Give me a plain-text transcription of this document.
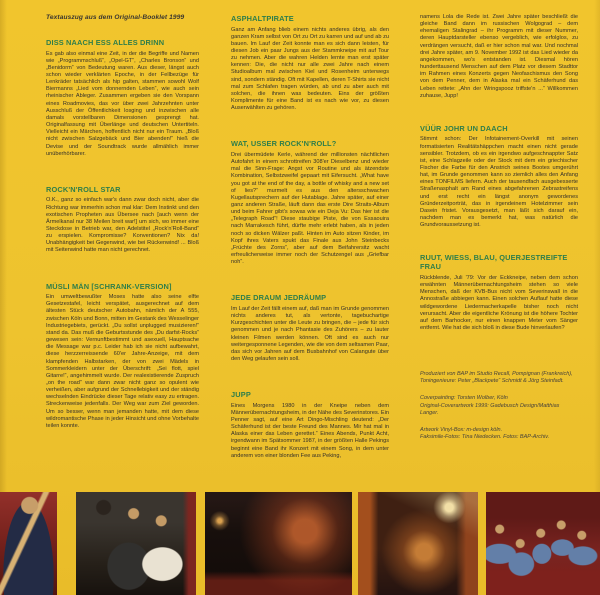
Textauszug aus dem Original-Booklet 1999

DISS NAACH ESS ALLES DRINN

Es gab also einmal eine Zeit, in der die Begriffe und Namen wie „Programmschluß“, „Opel-GT“, „Charles Bronson“ und „Benidorm“ von Bedeutung waren. Aus dieser, längst auch schon wieder verklärten Epoche, in der Fellbezüge für Lenkräder tatsächlich als hip galten, stammen sowohl Wolf Biermanns „Lied vom donnernden Leben“, wie auch sein rheinischer Ableger. Zusammen ergeben sie den Vorspann eines Roadmovies, das vor über zwei Jahrzehnten unter Ausschluß der Öffentlichkeit losging und inzwischen alle damals vorstellbaren Dimensionen gesprengt hat. Originalfassung mit Überlänge und deutschen Untertiteln. Vielleicht ein Märchen, hoffentlich nicht nur ein Traum. „Bloß nicht zwischen Salzgebäck und Bier abenden!“ hieß die Devise und der Soundtrack wurde allmählich immer unüberhörbarer.

ROCK'N'ROLL STAR

O.K., ganz so einfach war's dann zwar doch nicht, aber die Richtung war immerhin schon mal klar: Dem Instinkt und den exotischen Propheten aus Übersee nach [auch wenn der Ärmelkanal nur 38 Meilen breit war!] um sich, wo immer eine Steckdose in Betrieb war, den Adelstitel „Rock'n'Roll-Band“ zu erspielen. Kompromisse? Konventionen? Nix da! Unabhängigkeit bei Gegenwind, wie bei Rückenwind! ... Bloß mit Seitenwind hatte man nicht gerechnet.

MÜSLI MÄN [SCHRANK-VERSION]

Ein umweltbewußter Moses hatte also seine elfte Gesetzestafel, leicht verspätet, ausgerechnet auf dem ältesten Stück deutscher Autobahn, nämlich der A 555, zwischen Köln und Bonn, mitten im Gestank des Wesselinger Industriegebiets, gerückt. „Du sollst unplugged musizieren!“ stand da. Das muß die Geburtsstunde des „Du darfst-Rocks“ gewesen sein: Vernunftbestimmt und asexuell, Hauptsache die Message war p.c. Leider hab ich sie nicht aufbewahrt, diese herzzerreissende 60'er Jahre-Anzeige, mit dem klampfenden Halbstarken, der von zwei Mädels in Sommerkleidern unter der Überschrift: „Sei flott, spiel Gitarre!“, angehimmelt wurde. Der realexistierende Zuspruch „on the road“ war dann zwar nicht ganz so opulent wie verheißen, aber aufgrund der Schnellebigkeit und der ständig wechselnden Eindrücke dieser Tage relativ easy zu ertragen. Streckenweise jedenfalls. Der Weg war zum Ziel geworden. Um so besser, wenn man jemanden hatte, mit dem diese wildromantische Phase in jeder Hinsicht und ohne Vorbehalte teilen konnte.

ASPHALTPIRATE

Ganz am Anfang blieb einem nichts anderes übrig, als den ganzen Kram selbst von Ort zu Ort zu karren und auf und ab zu bauen. Im Lauf der Zeit konnte man es sich dann leisten, für diesen Job ein paar Jungs aus der Stammkneipe mit auf Tour zu nehmen. Aber die wahren Helden lernte man erst später kennen: Die, die nicht nur alle zwei Jahre nach einem Studioalbum mal zwischen Kiel und Rosenheim unterwegs sind, sondern ständig. Oft mit Kapellen, deren T-Shirts sie nicht mal zum Schlafen tragen würden, ab und zu aber auch mit solchen, die ihnen was bedeuten. Eins der größten Komplimente für eine Band ist es nach wie vor, zu diesen Auserwählten zu gehören.

WAT, USSER ROCK'N'ROLL?

Drei übermüdete Kerle, während der millionsten nächtlichen Autofahrt in einem schrottreifen 308'er Dieselbenz und wieder mal die Sinn-Frage: Angst vor Routine und als ätzendste Kombination, Selbstzweifel gepaart mit Eifersucht. „What have you got at the end of the day, a bottle of whisky and a new set of lies?“ murmelt es aus den altersschwachen Kugellautsprechern auf der Hutablage. Jahre später, auf einer ganz anderen Straße, läuft dann das erste Dire Straits-Album und beim Fahrer gibt's sowas wie ein Deja Vu: Das hier ist die „Telegraph Road“! Diese staubige Piste, die von Essaouira nach Marrakesch führt, dürfte mehr erlebt haben, als in jeden noch so dicken Wälzer paßt. Hinten im Auto sitzen Kinder, im Kopf ihres Vaters spukt das Finale aus John Steinbecks „Früchte des Zorns“, aber auf dem Beifahrersitz wacht erfreulicherweise immer noch der Schutzengel aus „Griefbar noh“.

JEDE DRAUM JEDRÄUMP

Im Lauf der Zeit fällt einem auf, daß man im Grunde genommen nichts anderes tut, als vertonte, tagebuchartige Kurzgeschichten unter die Leute zu bringen, die – jede für sich genommen und je nach Phantasie des Zuhörers – zu lauter kleinen Filmen werden können. Oft sind es auch nur weitergesponnene Legenden, wie die von dem seltsamen Paar, das sich vor Jahren auf dem Busbahnhof von Calangute über den Weg gelaufen sein soll.

JUPP

Eines Morgens 1980 in der Kneipe neben dem Männerübernachtungsheim, in der Nähe des Severinstores. Ein Penner sagt, auf eine Art Dingo-Mischling deutend: „Der Schäferhund ist der beste Freund des Mannes. Mir hat mal in Alaska einer das Leben gerettet.“ Eines Abends, Punkt Acht, irgendwann im Spätsommer 1987, in der größten Halle Pekings beginnt eine Band ihr Konzert mit einem Song, in dem unter anderem von einer blonden Fee aus Peking,

namens Lola die Rede ist. Zwei Jahre später beschließt die gleiche Band dann im russischen Wolgograd – dem ehemaligen Stalingrad – ihr Programm mit dieser Nummer, deren Hauptdarsteller ebenso vergeblich, wie erfolglos, zu verdrängen versucht, daß er hier schon mal war. Und nochmal drei Jahre später, am 9. November 1992 ist das Lied wieder da angekommen, wo's entstanden ist. Diesmal hören hunderttausend Menschen auf dem Platz vor diesem Stadttor im Rahmen eines Konzerts gegen Neofaschismus den Song von dem Penner, dem in Alaska mal ein Schäferhund das Leben rettete: „Ahn der Wringspooz triffste'n ...“ Willkommen zuhause, Jupp!

VÜÜR JOHR UN DAACH

Stimmt schon: Der Infotainement-Overkill mit seinen formatisierten Realitätshäppchen macht einen nicht gerade sensibler. Trotzdem, ob es ein irgendwo aufgeschnappter Satz ist, eine Schlagzeile oder der Stock mit dem ein griechischer Fischer die Farbe für den Anstrich seines Bootes umgerührt hat, im Grunde genommen kann so ziemlich alles den Anfang eines TONFILMS liefern. Auch der tausendfach ausgebesserte Straßenasphalt am Rand eines abgefahrenen Zebrastreifens und erst recht ein längst anonym gewordenes Gründerzeitporträt, das in irgendeinem Hotelzimmer sein Dasein fristet. Vorausgesetzt, man läßt sich darauf ein, nachdem man es bemerkt hat, was natürlich die Grundvoraussetzung ist.

RUUT, WIESS, BLAU, QUERJESTREIFTE FRAU

Rückblende, Juli '79: Vor der Eckkneipe, neben dem schon erwähnten Männerübernachtungsheim stehen so viele Menschen, daß der KVB-Bus nicht vom Severinswall in die Annostraße abbiegen kann. Einen solchen Auflauf hatte diese wildgewordene Liedermacherkapelle bisher noch nicht verursacht. Aber die eigentliche Krönung ist die höhere Tochter auf dem Barhocker, nur einen knappen Meter vom Sänger entfernt. Wie hat die sich bloß in diese Bude hinverlaufen?

Produziert von BAP im Studio Recall, Pompignan (Frankreich),
Toningenieure: Peter „Blackpete“ Schmidt & Jörg Steinfadt.
Coverpainting: Torsten Wolber, Köln
Original-Coverartwork 1999: Gadebusch Design/Matthias Langer.
Artwork Vinyl-Box: m-design köln.
Faksimile-Fotos: Tina Niedecken. Fotos: BAP-Archiv.
